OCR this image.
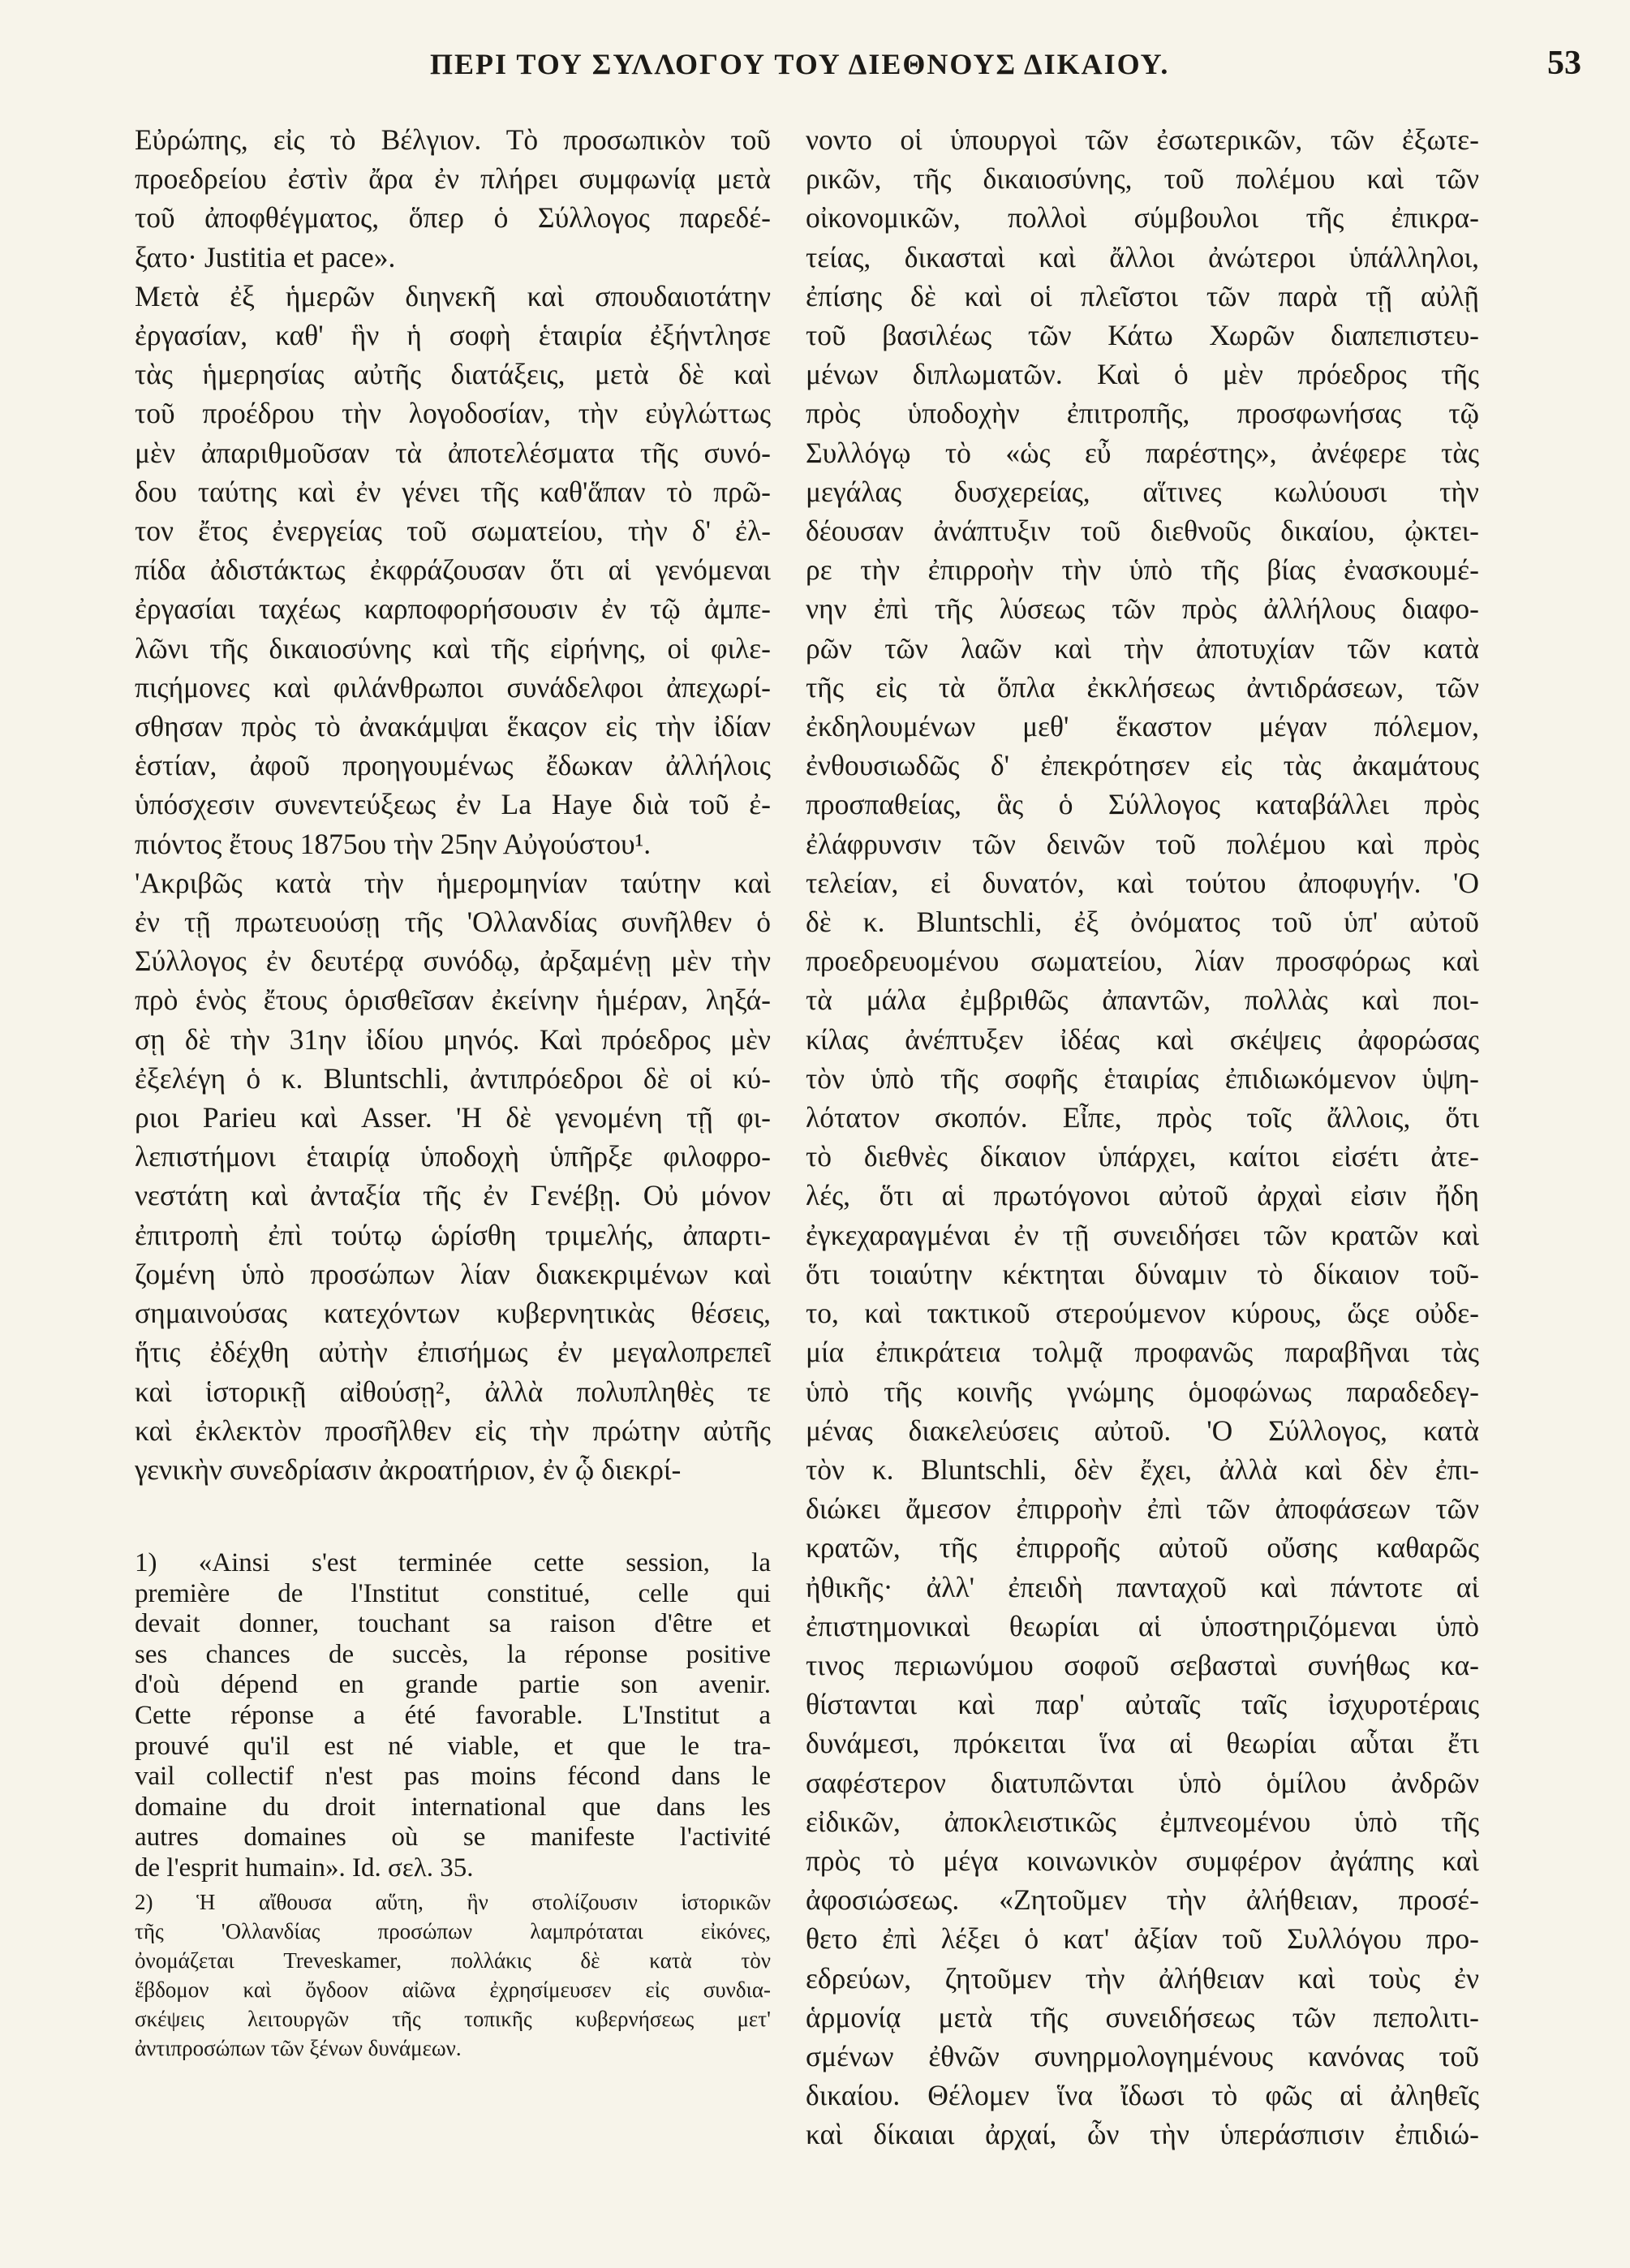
ΠΕΡΙ ΤΟΥ ΣΥΛΛΟΓΟΥ ΤΟΥ ΔΙΕΘΝΟΥΣ ΔΙΚΑΙΟΥ.	53
Εὐρώπης, εἰς τὸ Βέλγιον. Τὸ προσωπικὸν τοῦ
προεδρείου ἐστὶν ἄρα ἐν πλήρει συμφωνίᾳ μετὰ
τοῦ ἀποφθέγματος, ὅπερ ὁ Σύλλογος παρεδέ-
ξατο· Justitia et pace».
Μετὰ ἐξ ἡμερῶν διηνεκῆ καὶ σπουδαιοτάτην
ἐργασίαν, καθ' ἣν ἡ σοφὴ ἑταιρία ἐξήντλησε
τὰς ἡμερησίας αὐτῆς διατάξεις, μετὰ δὲ καὶ
τοῦ προέδρου τὴν λογοδοσίαν, τὴν εὐγλώττως
μὲν ἀπαριθμοῦσαν τὰ ἀποτελέσματα τῆς συνό-
δου ταύτης καὶ ἐν γένει τῆς καθ'ἅπαν τὸ πρῶ-
τον ἔτος ἐνεργείας τοῦ σωματείου, τὴν δ' ἐλ-
πίδα ἀδιστάκτως ἐκφράζουσαν ὅτι αἱ γενόμεναι
ἐργασίαι ταχέως καρποφορήσουσιν ἐν τῷ ἀμπε-
λῶνι τῆς δικαιοσύνης καὶ τῆς εἰρήνης, οἱ φιλε-
πιςήμονες καὶ φιλάνθρωποι συνάδελφοι ἀπεχωρί-
σθησαν πρὸς τὸ ἀνακάμψαι ἕκαςον εἰς τὴν ἰδίαν
ἑστίαν, ἀφοῦ προηγουμένως ἔδωκαν ἀλλήλοις
ὑπόσχεσιν συνεντεύξεως ἐν La Haye διὰ τοῦ ἐ-
πιόντος ἔτους 1875ου τὴν 25ην Αὐγούστου¹.
'Ακριβῶς κατὰ τὴν ἡμερομηνίαν ταύτην καὶ
ἐν τῇ πρωτευούσῃ τῆς 'Ολλανδίας συνῆλθεν ὁ
Σύλλογος ἐν δευτέρᾳ συνόδῳ, ἀρξαμένῃ μὲν τὴν
πρὸ ἑνὸς ἔτους ὁρισθεῖσαν ἐκείνην ἡμέραν, ληξά-
σῃ δὲ τὴν 31ην ἰδίου μηνός. Καὶ πρόεδρος μὲν
ἐξελέγη ὁ κ. Bluntschli, ἀντιπρόεδροι δὲ οἱ κύ-
ριοι Parieu καὶ Asser. 'Η δὲ γενομένη τῇ φι-
λεπιστήμονι ἑταιρίᾳ ὑποδοχὴ ὑπῆρξε φιλοφρο-
νεστάτη καὶ ἀνταξία τῆς ἐν Γενέβῃ. Οὐ μόνον
ἐπιτροπὴ ἐπὶ τούτῳ ὡρίσθη τριμελής, ἀπαρτι-
ζομένη ὑπὸ προσώπων λίαν διακεκριμένων καὶ
σημαινούσας κατεχόντων κυβερνητικὰς θέσεις,
ἥτις ἐδέχθη αὐτὴν ἐπισήμως ἐν μεγαλοπρεπεῖ
καὶ ἱστορικῇ αἰθούσῃ², ἀλλὰ πολυπληθὲς τε
καὶ ἐκλεκτὸν προσῆλθεν εἰς τὴν πρώτην αὐτῆς
γενικὴν συνεδρίασιν ἀκροατήριον, ἐν ᾧ διεκρί-
νοντο οἱ ὑπουργοὶ τῶν ἐσωτερικῶν, τῶν ἐξωτε-
ρικῶν, τῆς δικαιοσύνης, τοῦ πολέμου καὶ τῶν
οἰκονομικῶν, πολλοὶ σύμβουλοι τῆς ἐπικρα-
τείας, δικασταὶ καὶ ἄλλοι ἀνώτεροι ὑπάλληλοι,
ἐπίσης δὲ καὶ οἱ πλεῖστοι τῶν παρὰ τῇ αὐλῇ
τοῦ βασιλέως τῶν Κάτω Χωρῶν διαπεπιστευ-
μένων διπλωματῶν. Καὶ ὁ μὲν πρόεδρος τῆς
πρὸς ὑποδοχὴν ἐπιτροπῆς, προσφωνήσας τῷ
Συλλόγῳ τὸ «ὡς εὖ παρέστης», ἀνέφερε τὰς
μεγάλας δυσχερείας, αἵτινες κωλύουσι τὴν
δέουσαν ἀνάπτυξιν τοῦ διεθνοῦς δικαίου, ᾠκτει-
ρε τὴν ἐπιρροὴν τὴν ὑπὸ τῆς βίας ἐνασκουμέ-
νην ἐπὶ τῆς λύσεως τῶν πρὸς ἀλλήλους διαφο-
ρῶν τῶν λαῶν καὶ τὴν ἀποτυχίαν τῶν κατὰ
τῆς εἰς τὰ ὅπλα ἐκκλήσεως ἀντιδράσεων, τῶν
ἐκδηλουμένων μεθ' ἕκαστον μέγαν πόλεμον,
ἐνθουσιωδῶς δ' ἐπεκρότησεν εἰς τὰς ἀκαμάτους
προσπαθείας, ἃς ὁ Σύλλογος καταβάλλει πρὸς
ἐλάφρυνσιν τῶν δεινῶν τοῦ πολέμου καὶ πρὸς
τελείαν, εἰ δυνατόν, καὶ τούτου ἀποφυγήν. 'Ο
δὲ κ. Bluntschli, ἐξ ὀνόματος τοῦ ὑπ' αὐτοῦ
προεδρευομένου σωματείου, λίαν προσφόρως καὶ
τὰ μάλα ἐμβριθῶς ἀπαντῶν, πολλὰς καὶ ποι-
κίλας ἀνέπτυξεν ἰδέας καὶ σκέψεις ἀφορώσας
τὸν ὑπὸ τῆς σοφῆς ἑταιρίας ἐπιδιωκόμενον ὑψη-
λότατον σκοπόν. Εἶπε, πρὸς τοῖς ἄλλοις, ὅτι
τὸ διεθνὲς δίκαιον ὑπάρχει, καίτοι εἰσέτι ἀτε-
λές, ὅτι αἱ πρωτόγονοι αὐτοῦ ἀρχαὶ εἰσιν ἤδη
ἐγκεχαραγμέναι ἐν τῇ συνειδήσει τῶν κρατῶν καὶ
ὅτι τοιαύτην κέκτηται δύναμιν τὸ δίκαιον τοῦ-
το, καὶ τακτικοῦ στερούμενον κύρους, ὥςε οὐδε-
μία ἐπικράτεια τολμᾷ προφανῶς παραβῆναι τὰς
ὑπὸ τῆς κοινῆς γνώμης ὁμοφώνως παραδεδεγ-
μένας διακελεύσεις αὐτοῦ. 'Ο Σύλλογος, κατὰ
τὸν κ. Bluntschli, δὲν ἔχει, ἀλλὰ καὶ δὲν ἐπι-
διώκει ἄμεσον ἐπιρροὴν ἐπὶ τῶν ἀποφάσεων τῶν
κρατῶν, τῆς ἐπιρροῆς αὐτοῦ οὔσης καθαρῶς
ἠθικῆς· ἀλλ' ἐπειδὴ πανταχοῦ καὶ πάντοτε αἱ
ἐπιστημονικαὶ θεωρίαι αἱ ὑποστηριζόμεναι ὑπὸ
τινος περιωνύμου σοφοῦ σεβασταὶ συνήθως κα-
θίστανται καὶ παρ' αὐταῖς ταῖς ἰσχυροτέραις
δυνάμεσι, πρόκειται ἵνα αἱ θεωρίαι αὗται ἔτι
σαφέστερον διατυπῶνται ὑπὸ ὁμίλου ἀνδρῶν
εἰδικῶν, ἀποκλειστικῶς ἐμπνεομένου ὑπὸ τῆς
πρὸς τὸ μέγα κοινωνικὸν συμφέρον ἀγάπης καὶ
ἀφοσιώσεως. «Ζητοῦμεν τὴν ἀλήθειαν, προσέ-
θετο ἐπὶ λέξει ὁ κατ' ἀξίαν τοῦ Συλλόγου προ-
εδρεύων, ζητοῦμεν τὴν ἀλήθειαν καὶ τοὺς ἐν
ἁρμονίᾳ μετὰ τῆς συνειδήσεως τῶν πεπολιτι-
σμένων ἐθνῶν συνηρμολογημένους κανόνας τοῦ
δικαίου. Θέλομεν ἵνα ἴδωσι τὸ φῶς αἱ ἀληθεῖς
καὶ δίκαιαι ἀρχαί, ὧν τὴν ὑπεράσπισιν ἐπιδιώ-
1) «Ainsi s'est terminée cette session, la
première de l'Institut constitué, celle qui
devait donner, touchant sa raison d'être et
ses chances de succès, la réponse positive
d'où dépend en grande partie son avenir.
Cette réponse a été favorable. L'Institut a
prouvé qu'il est né viable, et que le tra-
vail collectif n'est pas moins fécond dans le
domaine du droit international que dans les
autres domaines où se manifeste l'activité
de l'esprit humain». Id. σελ. 35.
2) Ἡ αἴθουσα αὕτη, ἣν στολίζουσιν ἱστορικῶν
τῆς 'Ολλανδίας προσώπων λαμπρόταται εἰκόνες,
ὀνομάζεται Treveskamer, πολλάκις δὲ κατὰ τὸν
ἕβδομον καὶ ὄγδοον αἰῶνα ἐχρησίμευσεν εἰς συνδια-
σκέψεις λειτουργῶν τῆς τοπικῆς κυβερνήσεως μετ'
ἀντιπροσώπων τῶν ξένων δυνάμεων.
